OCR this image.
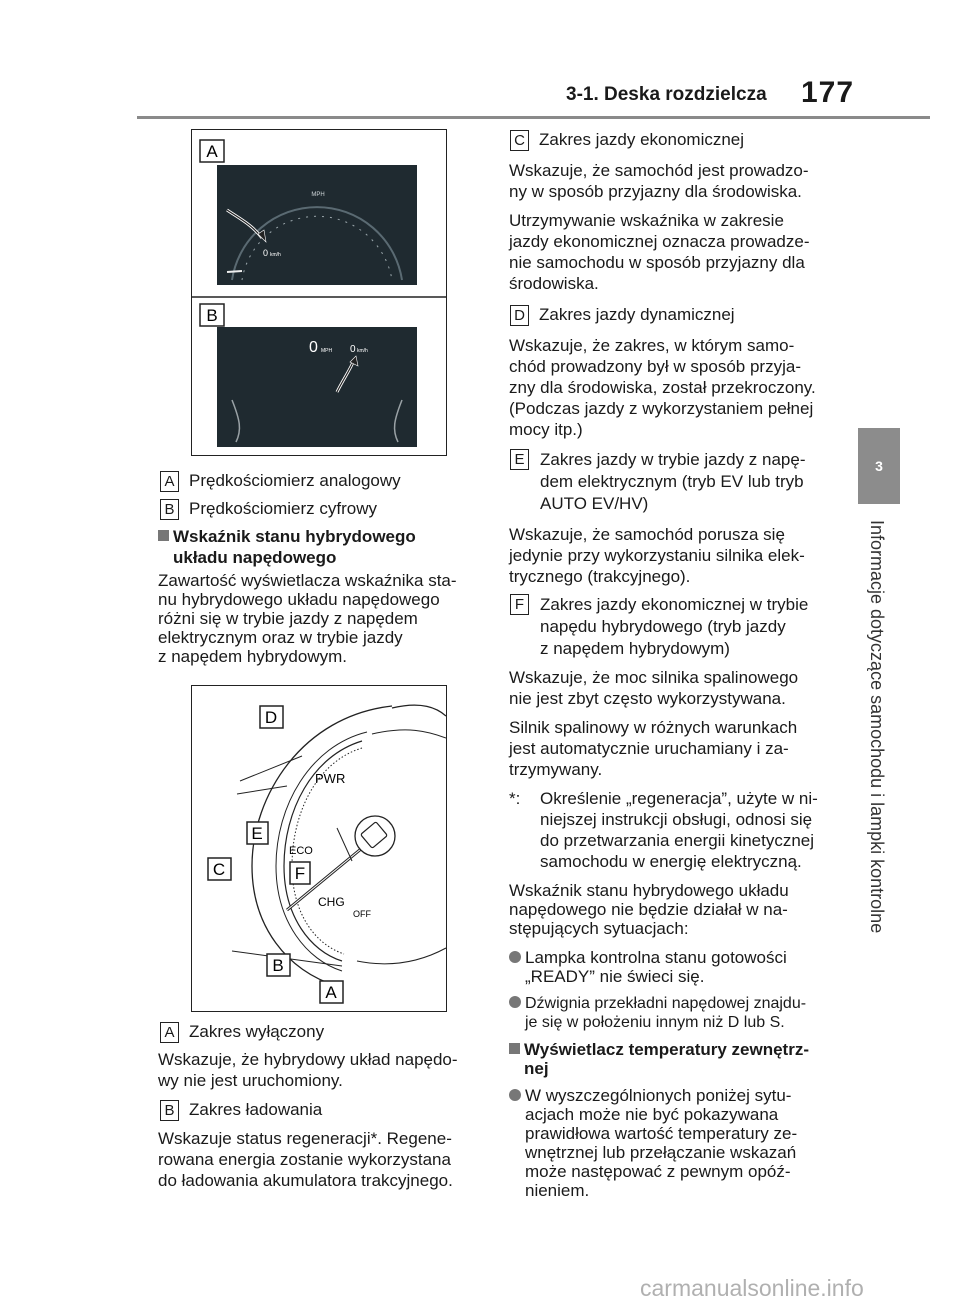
3-1. Deska rozdzielcza 177
3
Informacje dotyczące samochodu i lampki kontrolne
A
MPH
0 km/h
B
0 MPH 0 km/h
A Prędkościomierz analogowy
B Prędkościomierz cyfrowy
Wskaźnik stanu hybrydowego
układu napędowego
Zawartość wyświetlacza wskaźnika sta-
nu hybrydowego układu napędowego
różni się w trybie jazdy z napędem
elektrycznym oraz w trybie jazdy
z napędem hybrydowym.
PWR
ECO
CHG
OFF
D
E
C	F
B
A
A Zakres wyłączony
Wskazuje, że hybrydowy układ napędo-
wy nie jest uruchomiony.
B Zakres ładowania
Wskazuje status regeneracji*. Regene-
rowana energia zostanie wykorzystana
do ładowania akumulatora trakcyjnego.
C Zakres jazdy ekonomicznej
Wskazuje, że samochód jest prowadzo-
ny w sposób przyjazny dla środowiska.
Utrzymywanie wskaźnika w zakresie
jazdy ekonomicznej oznacza prowadze-
nie samochodu w sposób przyjazny dla
środowiska.
D Zakres jazdy dynamicznej
Wskazuje, że zakres, w którym samo-
chód prowadzony był w sposób przyja-
zny dla środowiska, został przekroczony.
(Podczas jazdy z wykorzystaniem pełnej
mocy itp.)
E Zakres jazdy w trybie jazdy z napę-
dem elektrycznym (tryb EV lub tryb
AUTO EV/HV)
Wskazuje, że samochód porusza się
jedynie przy wykorzystaniu silnika elek-
trycznego (trakcyjnego).
F Zakres jazdy ekonomicznej w trybie
napędu hybrydowego (tryb jazdy
z napędem hybrydowym)
Wskazuje, że moc silnika spalinowego
nie jest zbyt często wykorzystywana.
Silnik spalinowy w różnych warunkach
jest automatycznie uruchamiany i za-
trzymywany.
*: Określenie „regeneracja”, użyte w ni-
niejszej instrukcji obsługi, odnosi się
do przetwarzania energii kinetycznej
samochodu w energię elektryczną.
Wskaźnik stanu hybrydowego układu
napędowego nie będzie działał w na-
stępujących sytuacjach:
Lampka kontrolna stanu gotowości
„READY” nie świeci się.
Dźwignia przekładni napędowej znajdu-
je się w położeniu innym niż D lub S.
Wyświetlacz temperatury zewnętrz-
nej
W wyszczególnionych poniżej sytu-
acjach może nie być pokazywana
prawidłowa wartość temperatury ze-
wnętrznej lub przełączanie wskazań
może następować z pewnym opóź-
nieniem.
carmanualsonline.info
